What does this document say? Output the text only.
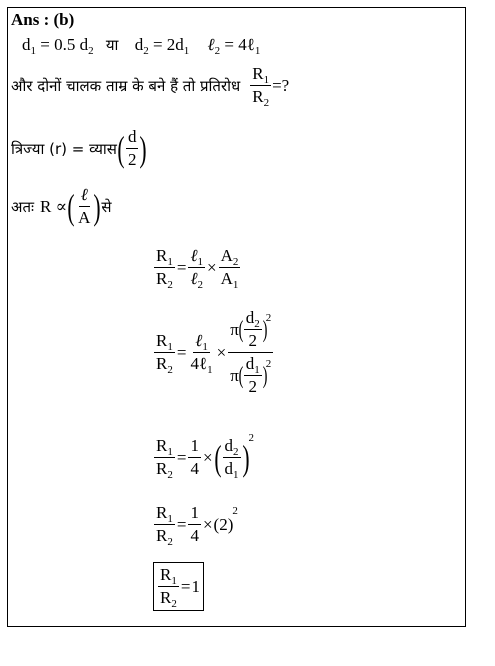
Ans : (b)
$d_1 = 0.5$ $d_2$ या $d_2 = 2d_1$ ℓ$_2$ = 4ℓ$_1$
और दोनों चालक ताम्र के बने हैं तो प्रतिरोध $\frac{R_1}{R_2}$ =?
त्रिज्या (r) = व्यास ( $\frac{d}{2}$ )
अतः R ∝ ( $\frac{\text{ℓ}}{A}$ ) से
$\frac{R_1}{R_2} = \frac{\ell_1}{\ell_2} \times \frac{A_2}{A_1}$
$\frac{R_1}{R_2} = \frac{\ell_1}{4\ell_1} \times \pi$ ( $\frac{d_2}{2}$ )
2
π ( $\frac{d_1}{2}$ )
2
$\frac{R_1}{R_2} = \frac{1}{4}$ × ( $\frac{d_2}{d_1}$ ) 2
$\frac{R_1}{R_2} = \frac{1}{4} \times (2)$
2
$\frac{R_1}{R_2} = 1$
